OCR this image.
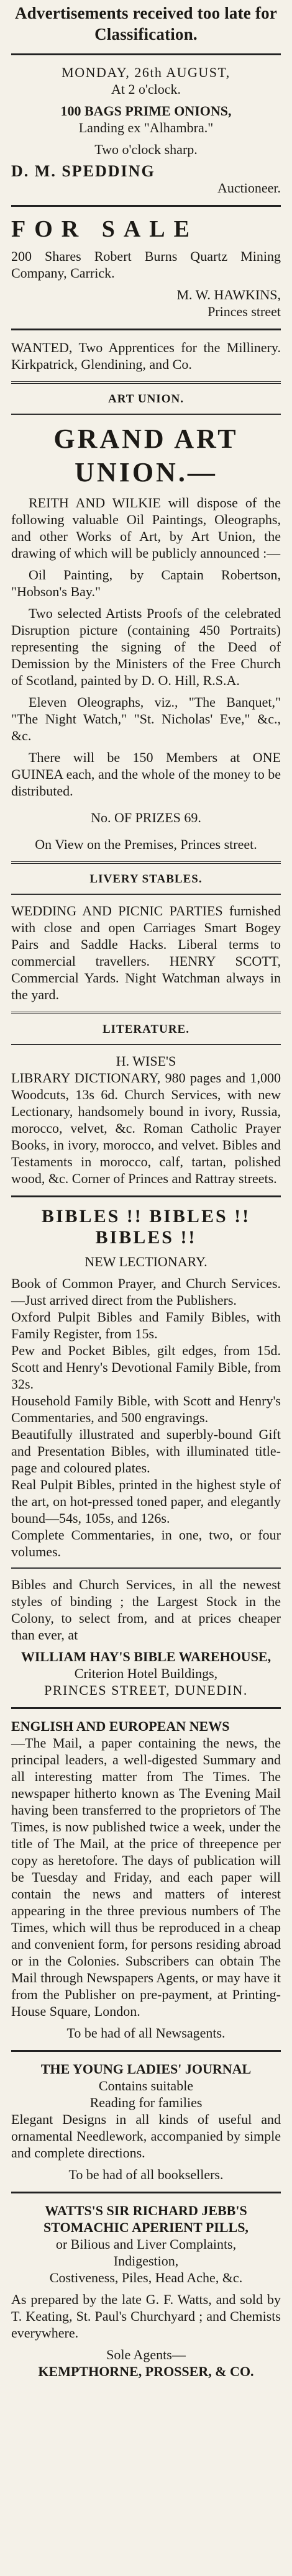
Advertisements received too late for Classification.

MONDAY, 26th AUGUST,

At 2 o'clock.

100 BAGS PRIME ONIONS,

Landing ex "Alhambra."

Two o'clock sharp.

D. M. SPEDDING

Auctioneer.

FOR SALE

200 Shares Robert Burns Quartz Mining Company, Carrick.

M. W. HAWKINS,

Princes street

WANTED, Two Apprentices for the Millinery. Kirkpatrick, Glendining, and Co.

ART UNION.
GRAND ART UNION.—

REITH AND WILKIE will dispose of the following valuable Oil Paintings, Oleographs, and other Works of Art, by Art Union, the drawing of which will be publicly announced :—

Oil Painting, by Captain Robertson, "Hobson's Bay."

Two selected Artists Proofs of the celebrated Disruption picture (containing 450 Portraits) representing the signing of the Deed of Demission by the Ministers of the Free Church of Scotland, painted by D. O. Hill, R.S.A.

Eleven Oleographs, viz., "The Banquet," "The Night Watch," "St. Nicholas' Eve," &c., &c.

There will be 150 Members at ONE GUINEA each, and the whole of the money to be distributed.

No. OF PRIZES 69.

On View on the Premises, Princes street.

LIVERY STABLES.

WEDDING AND PICNIC PARTIES furnished with close and open Carriages Smart Bogey Pairs and Saddle Hacks. Liberal terms to commercial travellers. HENRY SCOTT, Commercial Yards. Night Watchman always in the yard.

LITERATURE.

H. WISE'S

LIBRARY DICTIONARY, 980 pages and 1,000 Woodcuts, 13s 6d. Church Services, with new Lectionary, handsomely bound in ivory, Russia, morocco, velvet, &c. Roman Catholic Prayer Books, in ivory, morocco, and velvet. Bibles and Testaments in morocco, calf, tartan, polished wood, &c. Corner of Princes and Rattray streets.

BIBLES !! BIBLES !! BIBLES !!

NEW LECTIONARY.

Book of Common Prayer, and Church Services.—Just arrived direct from the Publishers.

Oxford Pulpit Bibles and Family Bibles, with Family Register, from 15s.

Pew and Pocket Bibles, gilt edges, from 15d. Scott and Henry's Devotional Family Bible, from 32s.

Household Family Bible, with Scott and Henry's Commentaries, and 500 engravings.

Beautifully illustrated and superbly-bound Gift and Presentation Bibles, with illuminated title-page and coloured plates.

Real Pulpit Bibles, printed in the highest style of the art, on hot-pressed toned paper, and elegantly bound—54s, 105s, and 126s.

Complete Commentaries, in one, two, or four volumes.

Bibles and Church Services, in all the newest styles of binding ; the Largest Stock in the Colony, to select from, and at prices cheaper than ever, at

WILLIAM HAY'S BIBLE WAREHOUSE,

Criterion Hotel Buildings,

PRINCES STREET, DUNEDIN.

ENGLISH AND EUROPEAN NEWS

—The Mail, a paper containing the news, the principal leaders, a well-digested Summary and all interesting matter from The Times. The newspaper hitherto known as The Evening Mail having been transferred to the proprietors of The Times, is now published twice a week, under the title of The Mail, at the price of threepence per copy as heretofore. The days of publication will be Tuesday and Friday, and each paper will contain the news and matters of interest appearing in the three previous numbers of The Times, which will thus be reproduced in a cheap and convenient form, for persons residing abroad or in the Colonies. Subscribers can obtain The Mail through Newspapers Agents, or may have it from the Publisher on pre-payment, at Printing-House Square, London.

To be had of all Newsagents.

THE YOUNG LADIES' JOURNAL

Contains suitable

Reading for families

Elegant Designs in all kinds of useful and ornamental Needlework, accompanied by simple and complete directions.

To be had of all booksellers.

WATTS'S SIR RICHARD JEBB'S STOMACHIC APERIENT PILLS,

or Bilious and Liver Complaints,

Indigestion,

Costiveness, Piles, Head Ache, &c.

As prepared by the late G. F. Watts, and sold by T. Keating, St. Paul's Churchyard ; and Chemists everywhere.

Sole Agents—

KEMPTHORNE, PROSSER, & CO.
